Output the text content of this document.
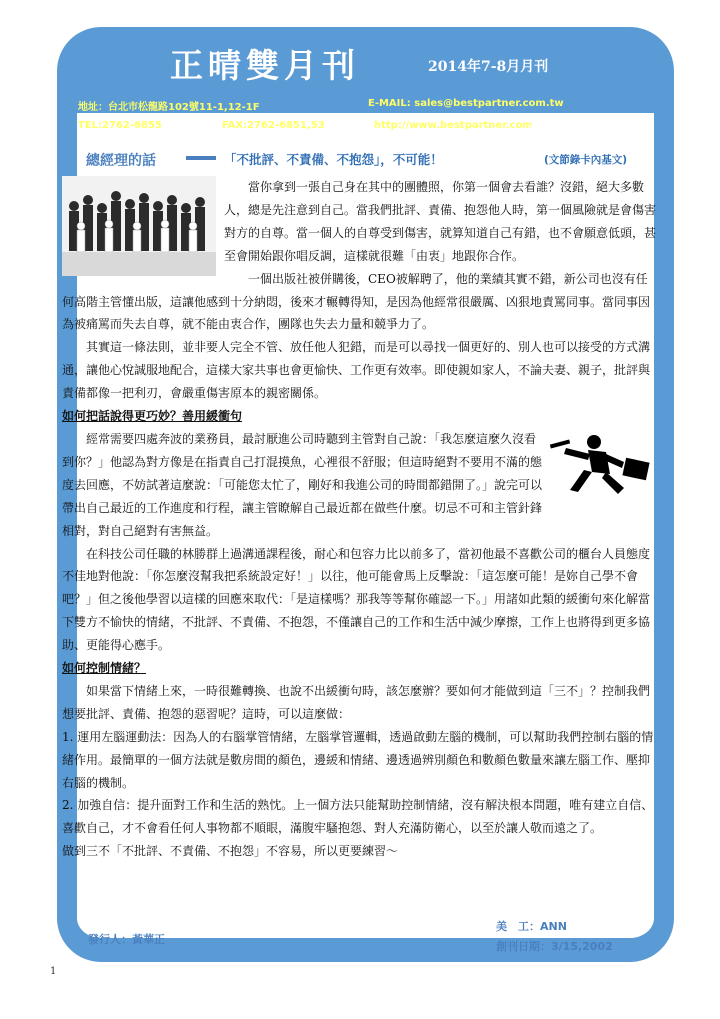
正晴雙月刊	2014年7-8月月刊
地址：台北市松龍路102號11-1,12-1F	E-MAIL: sales@bestpartner.com.tw
TEL:2762-6855	FAX:2762-6851,53	http://www.bestpartner.com
發刊日期：9/25,2014
總經理的話	「不批評、不責備、不抱怨」，不可能！	(文節錄卡內基文)

當你拿到一張自己身在其中的團體照，你第一個會去看誰？沒錯，絕大多數人，總是先注意到自己。當我們批評、責備、抱怨他人時，第一個風險就是會傷害對方的自尊。當一個人的自尊受到傷害，就算知道自己有錯，也不會願意低頭，甚至會開始跟你唱反調，這樣就很難「由衷」地跟你合作。

一個出版社被併購後，CEO被解聘了，他的業績其實不錯，新公司也沒有任何高階主管懂出版，這讓他感到十分納悶，後來才輾轉得知，是因為他經常很嚴厲、凶狠地責罵同事。當同事因為被痛罵而失去自尊，就不能由衷合作，團隊也失去力量和競爭力了。

其實這一條法則，並非要人完全不管、放任他人犯錯，而是可以尋找一個更好的、別人也可以接受的方式溝通，讓他心悅誠服地配合，這樣大家共事也會更愉快、工作更有效率。即使親如家人，不論夫妻、親子，批評與責備都像一把利刃，會嚴重傷害原本的親密關係。

如何把話說得更巧妙？善用緩衝句

經常需要四處奔波的業務員，最討厭進公司時聽到主管對自己說：「我怎麼這麼久沒看到你？」他認為對方像是在指責自己打混摸魚，心裡很不舒服；但這時絕對不要用不滿的態度去回應，不妨試著這麼說：「可能您太忙了，剛好和我進公司的時間都錯開了。」說完可以帶出自己最近的工作進度和行程，讓主管瞭解自己最近都在做些什麼。切忌不可和主管針鋒相對，對自己絕對有害無益。

在科技公司任職的林勝群上過溝通課程後，耐心和包容力比以前多了，當初他最不喜歡公司的櫃台人員態度不佳地對他說：「你怎麼沒幫我把系統設定好！」以往，他可能會馬上反擊說：「這怎麼可能！是妳自己學不會吧？」但之後他學習以這樣的回應來取代：「是這樣嗎？那我等等幫你確認一下。」用諸如此類的緩衝句來化解當下雙方不愉快的情緒，不批評、不責備、不抱怨，不僅讓自己的工作和生活中減少摩擦，工作上也將得到更多協助、更能得心應手。

如何控制情緒？

如果當下情緒上來，一時很難轉換、也說不出緩衝句時，該怎麼辦？要如何才能做到這「三不」？控制我們想要批評、責備、抱怨的惡習呢？這時，可以這麼做：

1. 運用左腦運動法：因為人的右腦掌管情緒，左腦掌管邏輯，透過啟動左腦的機制，可以幫助我們控制右腦的情緒作用。最簡單的一個方法就是數房間的顏色，邊緩和情緒、邊透過辨別顏色和數顏色數量來讓左腦工作、壓抑右腦的機制。

2. 加強自信：提升面對工作和生活的熟忱。上一個方法只能幫助控制情緒，沒有解決根本問題，唯有建立自信、喜歡自己，才不會看任何人事物都不順眼，滿腹牢騷抱怨、對人充滿防衛心，以至於讓人敬而遠之了。

做到三不「不批評、不責備、不抱怨」不容易，所以更要練習～

美　工：ANN
發行人：黃華正
創刊日期：3/15,2002
1
